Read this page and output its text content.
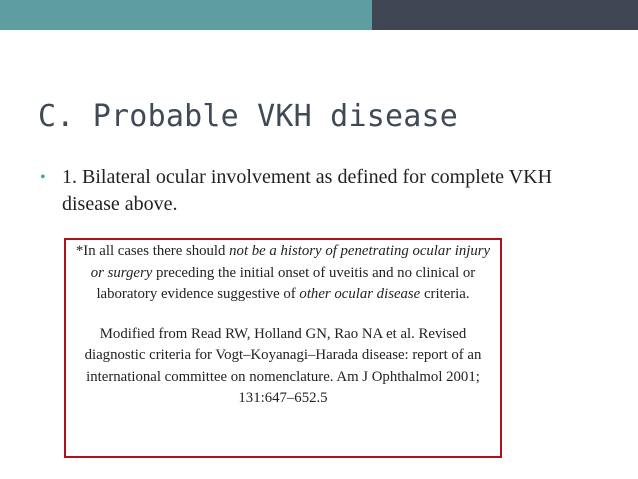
C. Probable VKH disease
• 1. Bilateral ocular involvement as defined for complete VKH disease above.

*In all cases there should not be a history of penetrating ocular injury or surgery preceding the initial onset of uveitis and no clinical or laboratory evidence suggestive of other ocular disease criteria.

Modified from Read RW, Holland GN, Rao NA et al. Revised diagnostic criteria for Vogt–Koyanagi–Harada disease: report of an international committee on nomenclature. Am J Ophthalmol 2001; 131:647–652.5
